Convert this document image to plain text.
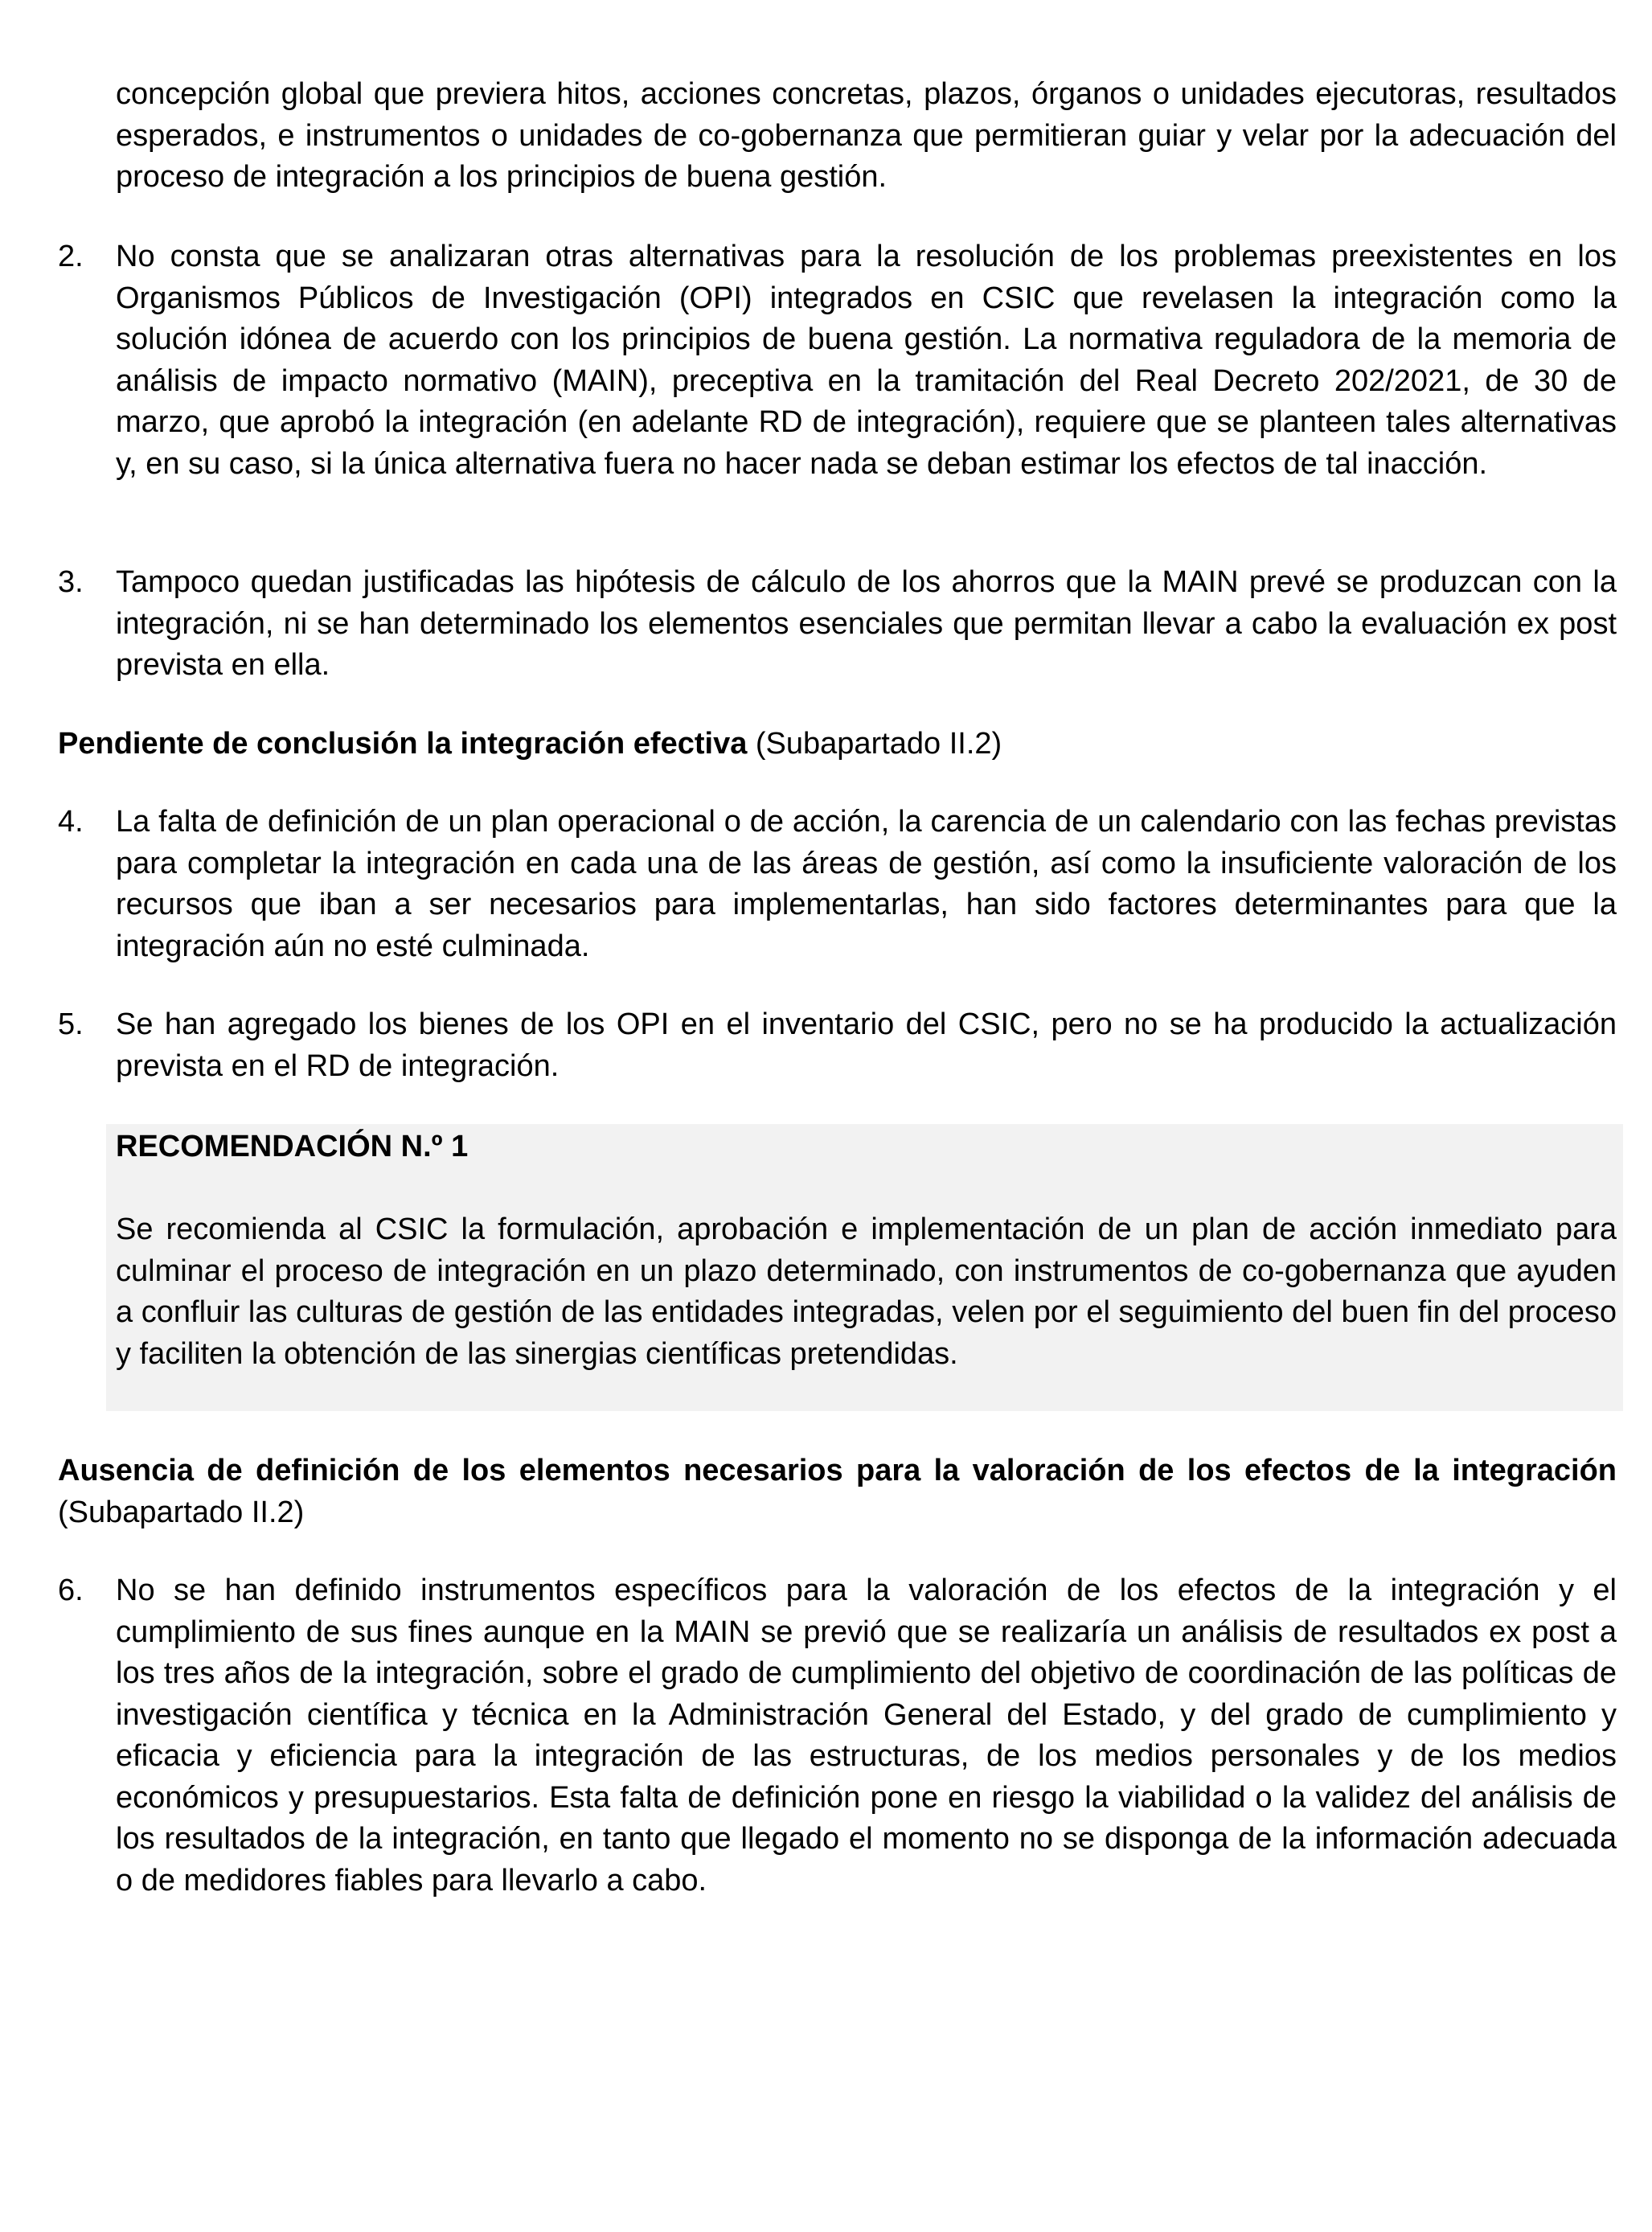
concepción global que previera hitos, acciones concretas, plazos, órganos o unidades ejecutoras, resultados esperados, e instrumentos o unidades de co-gobernanza que permitieran guiar y velar por la adecuación del proceso de integración a los principios de buena gestión.

2.	No consta que se analizaran otras alternativas para la resolución de los problemas preexistentes en los Organismos Públicos de Investigación (OPI) integrados en CSIC que revelasen la integración como la solución idónea de acuerdo con los principios de buena gestión. La normativa reguladora de la memoria de análisis de impacto normativo (MAIN), preceptiva en la tramitación del Real Decreto 202/2021, de 30 de marzo, que aprobó la integración (en adelante RD de integración), requiere que se planteen tales alternativas y, en su caso, si la única alternativa fuera no hacer nada se deban estimar los efectos de tal inacción.
3.	Tampoco quedan justificadas las hipótesis de cálculo de los ahorros que la MAIN prevé se produzcan con la integración, ni se han determinado los elementos esenciales que permitan llevar a cabo la evaluación ex post prevista en ella.

Pendiente de conclusión la integración efectiva (Subapartado II.2)

4.	La falta de definición de un plan operacional o de acción, la carencia de un calendario con las fechas previstas para completar la integración en cada una de las áreas de gestión, así como la insuficiente valoración de los recursos que iban a ser necesarios para implementarlas, han sido factores determinantes para que la integración aún no esté culminada.
5.	Se han agregado los bienes de los OPI en el inventario del CSIC, pero no se ha producido la actualización prevista en el RD de integración.

RECOMENDACIÓN N.º 1

Se recomienda al CSIC la formulación, aprobación e implementación de un plan de acción inmediato para culminar el proceso de integración en un plazo determinado, con instrumentos de co-gobernanza que ayuden a confluir las culturas de gestión de las entidades integradas, velen por el seguimiento del buen fin del proceso y faciliten la obtención de las sinergias científicas pretendidas.

Ausencia de definición de los elementos necesarios para la valoración de los efectos de la integración (Subapartado II.2)

6.	No se han definido instrumentos específicos para la valoración de los efectos de la integración y el cumplimiento de sus fines aunque en la MAIN se previó que se realizaría un análisis de resultados ex post a los tres años de la integración, sobre el grado de cumplimiento del objetivo de coordinación de las políticas de investigación científica y técnica en la Administración General del Estado, y del grado de cumplimiento y eficacia y eficiencia para la integración de las estructuras, de los medios personales y de los medios económicos y presupuestarios. Esta falta de definición pone en riesgo la viabilidad o la validez del análisis de los resultados de la integración, en tanto que llegado el momento no se disponga de la información adecuada o de medidores fiables para llevarlo a cabo.
